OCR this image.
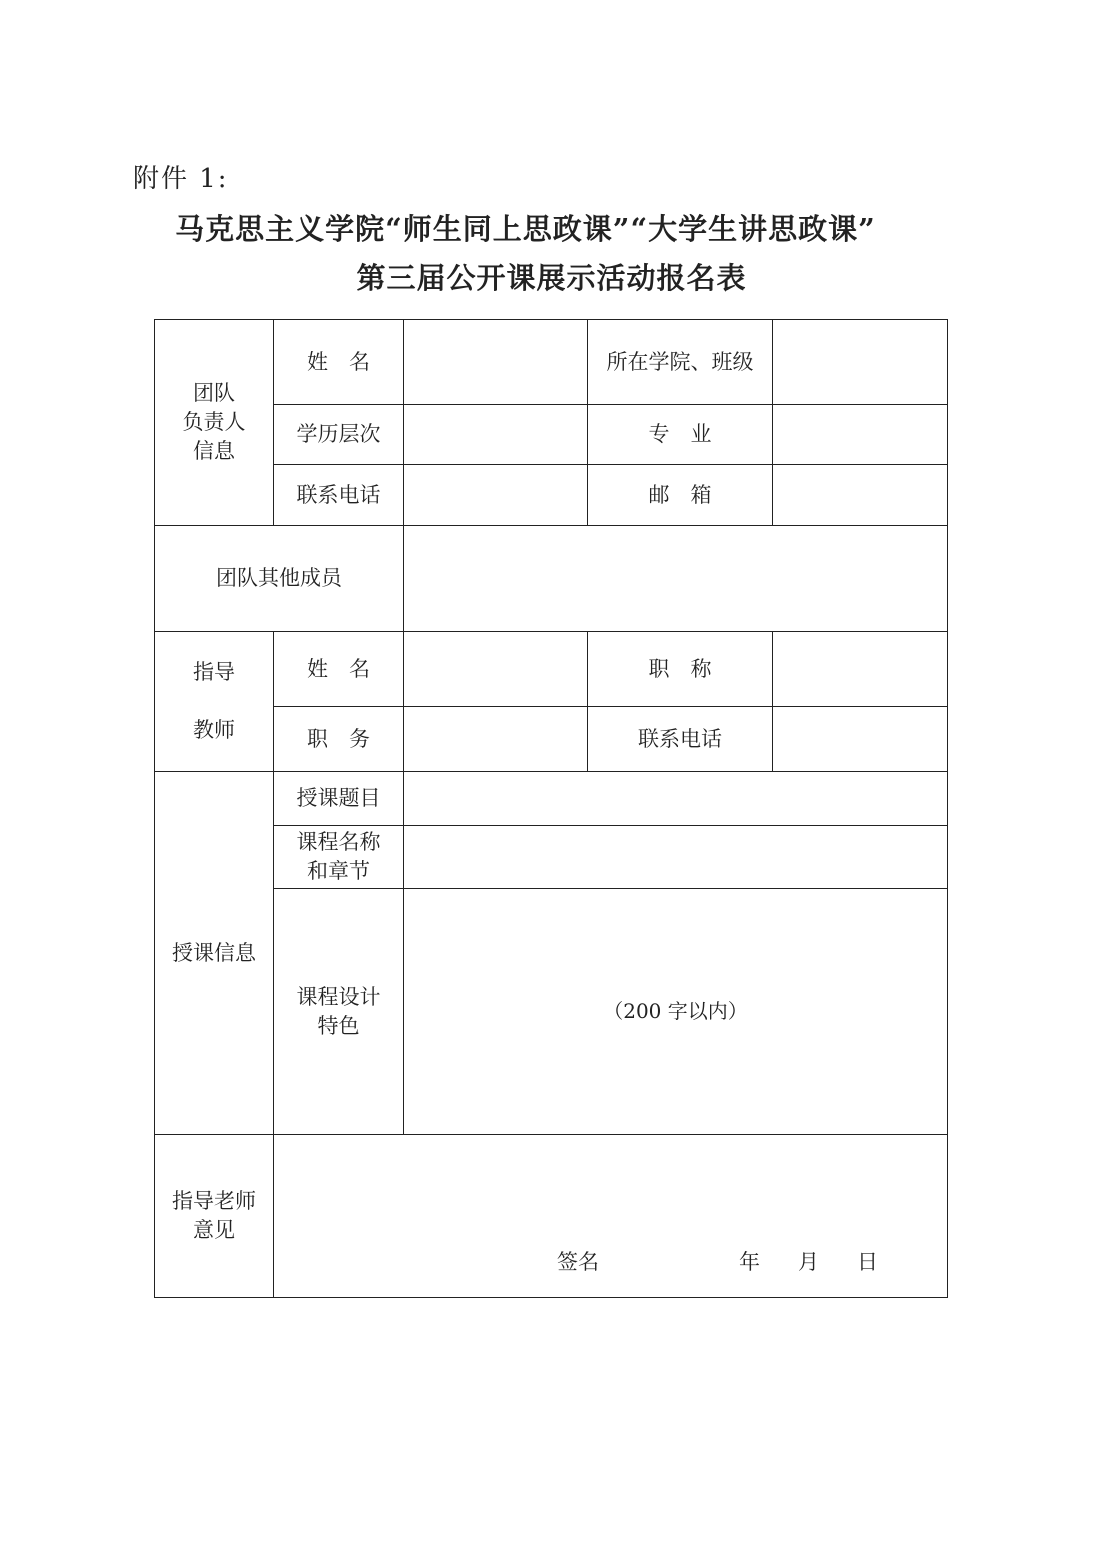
附件 1:
马克思主义学院“师生同上思政课”“大学生讲思政课”
第三届公开课展示活动报名表
团队
负责人
信息	姓　名		所在学院、班级	
	学历层次		专　业	
	联系电话		邮　箱	
团队其他成员				

指导
教师	姓　名		职　称	
	职　务		联系电话	
授课信息	授课题目			
	课程名称
和章节			
	课程设计
特色	（200 字以内）		
指导老师
意见	签名 年 月 日			
